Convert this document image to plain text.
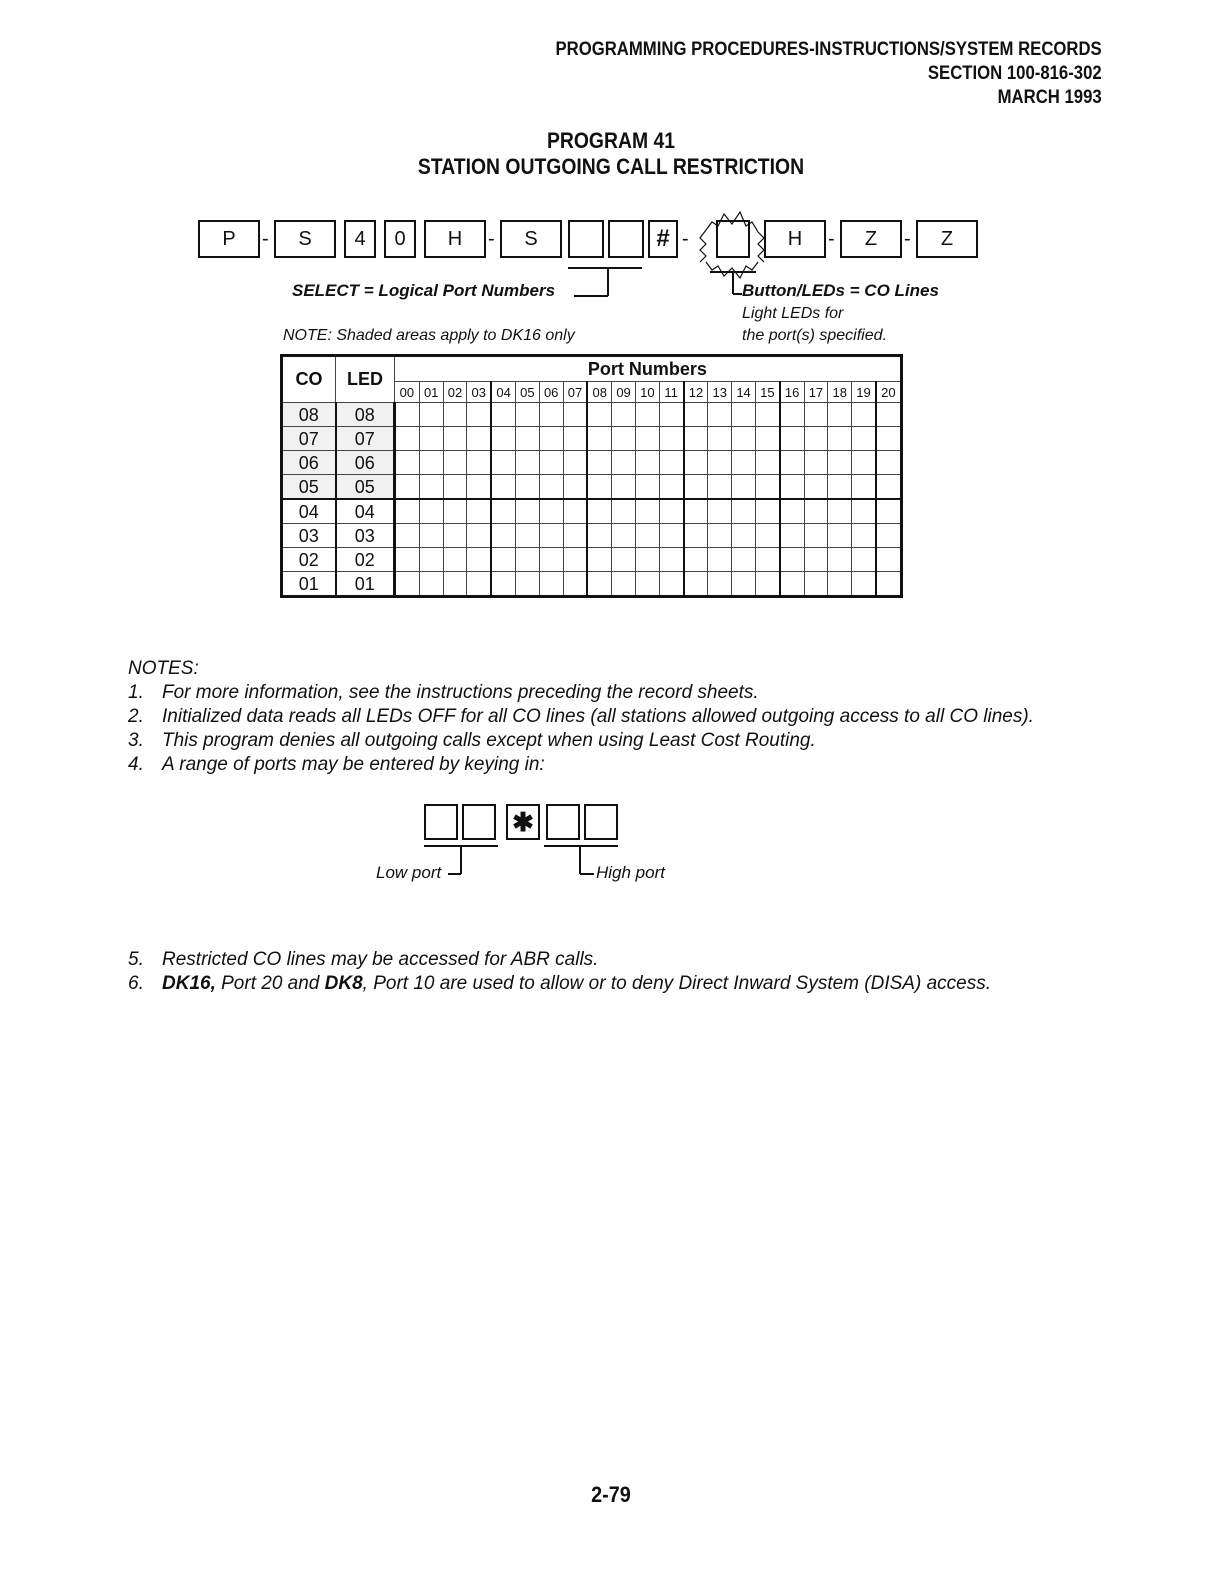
PROGRAMMING PROCEDURES-INSTRUCTIONS/SYSTEM RECORDS
SECTION 100-816-302
MARCH 1993
PROGRAM 41
STATION OUTGOING CALL RESTRICTION
P	-	S	4	0	H	-	S	# -	H	-	Z	-	Z
SELECT = Logical Port Numbers	Button/LEDs = CO Lines
Light LEDs for
the port(s) specified.
NOTE: Shaded areas apply to DK16 only
CO	LED	Port Numbers																				
		00	01	02	03	04	05	06	07	08	09	10	11	12	13	14	15	16	17	18	19	20
08	08																					
07	07																					
06	06																					
05	05																					
04	04																					
03	03																					
02	02																					
01	01																					
NOTES:
1. For more information, see the instructions preceding the record sheets.
2. Initialized data reads all LEDs OFF for all CO lines (all stations allowed outgoing access to all CO lines).
3. This program denies all outgoing calls except when using Least Cost Routing.
4. A range of ports may be entered by keying in:
✱
Low port	High port
5. Restricted CO lines may be accessed for ABR calls.
6. DK16, Port 20 and DK8, Port 10 are used to allow or to deny Direct Inward System (DISA) access.
2-79
